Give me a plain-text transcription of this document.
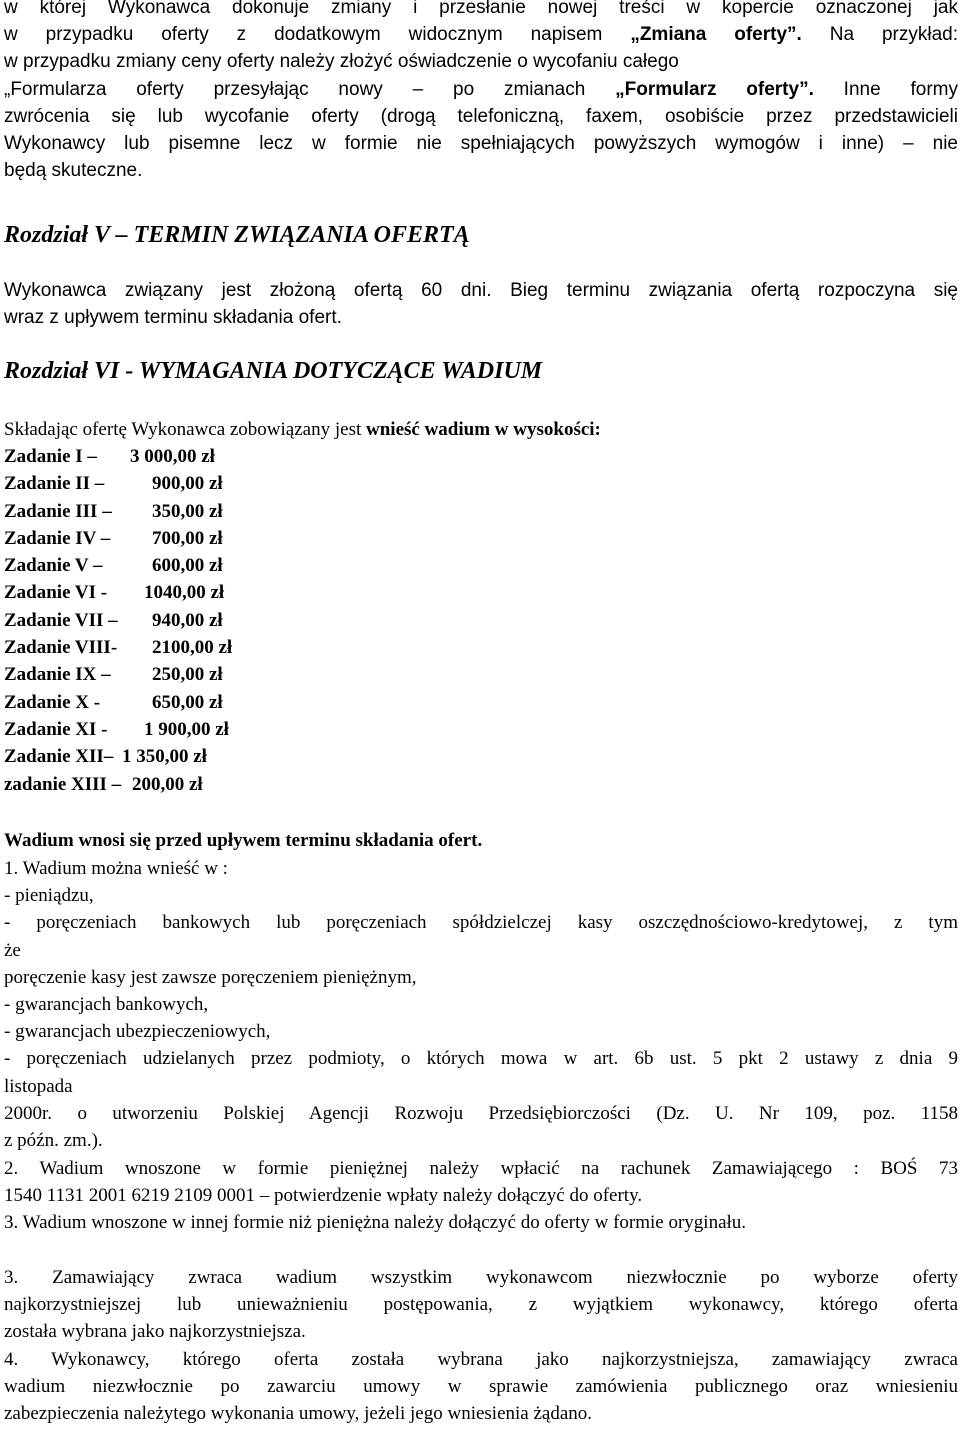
w której Wykonawca dokonuje zmiany i przesłanie nowej treści w kopercie oznaczonej jak
w przypadku oferty z dodatkowym widocznym napisem „Zmiana oferty”. Na przykład:
w przypadku zmiany ceny oferty należy złożyć oświadczenie o wycofaniu całego
„Formularza oferty przesyłając nowy – po zmianach „Formularz oferty”. Inne formy
zwrócenia się lub wycofanie oferty (drogą telefoniczną, faxem, osobiście przez przedstawicieli
Wykonawcy lub pisemne lecz w formie nie spełniających powyższych wymogów i inne) – nie
będą skuteczne.
Rozdział V – TERMIN ZWIĄZANIA OFERTĄ
Wykonawca związany jest złożoną ofertą 60 dni. Bieg terminu związania ofertą rozpoczyna się
wraz z upływem terminu składania ofert.
Rozdział VI - WYMAGANIA DOTYCZĄCE WADIUM
Składając ofertę Wykonawca zobowiązany jest wnieść wadium w wysokości:
Zadanie I –3 000,00 zł
Zadanie II –	900,00 zł
Zadanie III –350,00 zł
Zadanie IV –700,00 zł
Zadanie V –	600,00 zł
Zadanie VI -1040,00 zł
Zadanie VII –940,00 zł
Zadanie VIII-2100,00 zł
Zadanie IX –250,00 zł
Zadanie X -	650,00 zł
Zadanie XI -1 900,00 zł
Zadanie XII–1 350,00 zł
zadanie XIII –200,00 zł
Wadium wnosi się przed upływem terminu składania ofert.
1. Wadium można wnieść w :
- pieniądzu,
- poręczeniach bankowych lub poręczeniach spółdzielczej kasy oszczędnościowo-kredytowej, z tym
że
poręczenie kasy jest zawsze poręczeniem pieniężnym,
- gwarancjach bankowych,
- gwarancjach ubezpieczeniowych,
- poręczeniach udzielanych przez podmioty, o których mowa w art. 6b ust. 5 pkt 2 ustawy z dnia 9
listopada
2000r. o utworzeniu Polskiej Agencji Rozwoju Przedsiębiorczości (Dz. U. Nr 109, poz. 1158
z późn. zm.).
2. Wadium wnoszone w formie pieniężnej należy wpłacić na rachunek Zamawiającego : BOŚ 73
1540 1131 2001 6219 2109 0001 – potwierdzenie wpłaty należy dołączyć do oferty.
3. Wadium wnoszone w innej formie niż pieniężna należy dołączyć do oferty w formie oryginału.
3. Zamawiający zwraca wadium wszystkim wykonawcom niezwłocznie po wyborze oferty
najkorzystniejszej lub unieważnieniu postępowania, z wyjątkiem wykonawcy, którego oferta
została wybrana jako najkorzystniejsza.
4. Wykonawcy, którego oferta została wybrana jako najkorzystniejsza, zamawiający zwraca
wadium niezwłocznie po zawarciu umowy w sprawie zamówienia publicznego oraz wniesieniu
zabezpieczenia należytego wykonania umowy, jeżeli jego wniesienia żądano.
